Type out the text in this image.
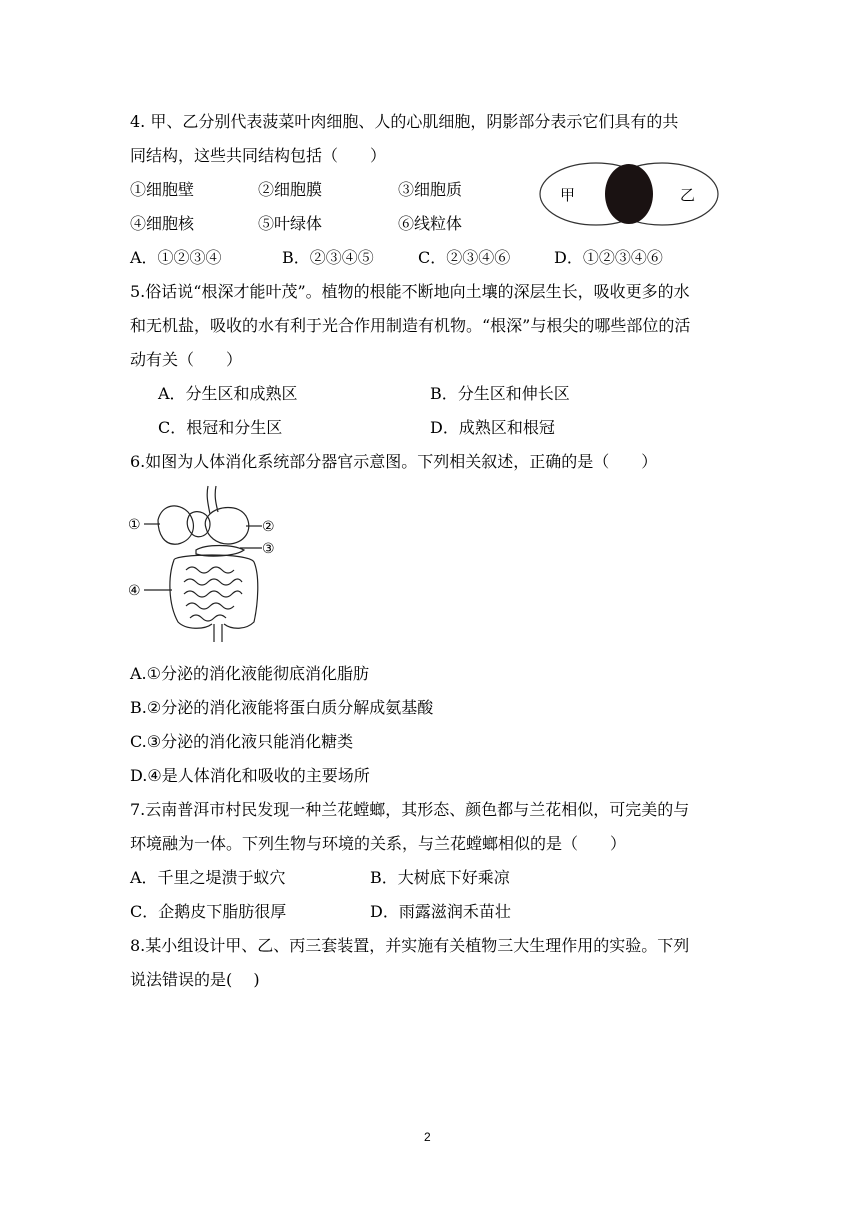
4. 甲、乙分别代表菠菜叶肉细胞、人的心肌细胞，阴影部分表示它们具有的共
同结构，这些共同结构包括（　　）
①细胞壁	②细胞膜	③细胞质
④细胞核	⑤叶绿体	⑥线粒体
A．①②③④	B．②③④⑤	C．②③④⑥	D．①②③④⑥
甲	乙
5.俗话说“根深才能叶茂”。植物的根能不断地向土壤的深层生长，吸收更多的水
和无机盐，吸收的水有利于光合作用制造有机物。“根深”与根尖的哪些部位的活
动有关（　　）
A．分生区和成熟区	B．分生区和伸长区
C．根冠和分生区	D．成熟区和根冠
6.如图为人体消化系统部分器官示意图。下列相关叙述，正确的是（　　）
①	②
③
④
A.①分泌的消化液能彻底消化脂肪
B.②分泌的消化液能将蛋白质分解成氨基酸
C.③分泌的消化液只能消化糖类
D.④是人体消化和吸收的主要场所
7.云南普洱市村民发现一种兰花螳螂，其形态、颜色都与兰花相似，可完美的与
环境融为一体。下列生物与环境的关系，与兰花螳螂相似的是（　　）
A．千里之堤溃于蚁穴	B．大树底下好乘凉
C．企鹅皮下脂肪很厚	D．雨露滋润禾苗壮
8.某小组设计甲、乙、丙三套装置，并实施有关植物三大生理作用的实验。下列
说法错误的是(　 )
2
